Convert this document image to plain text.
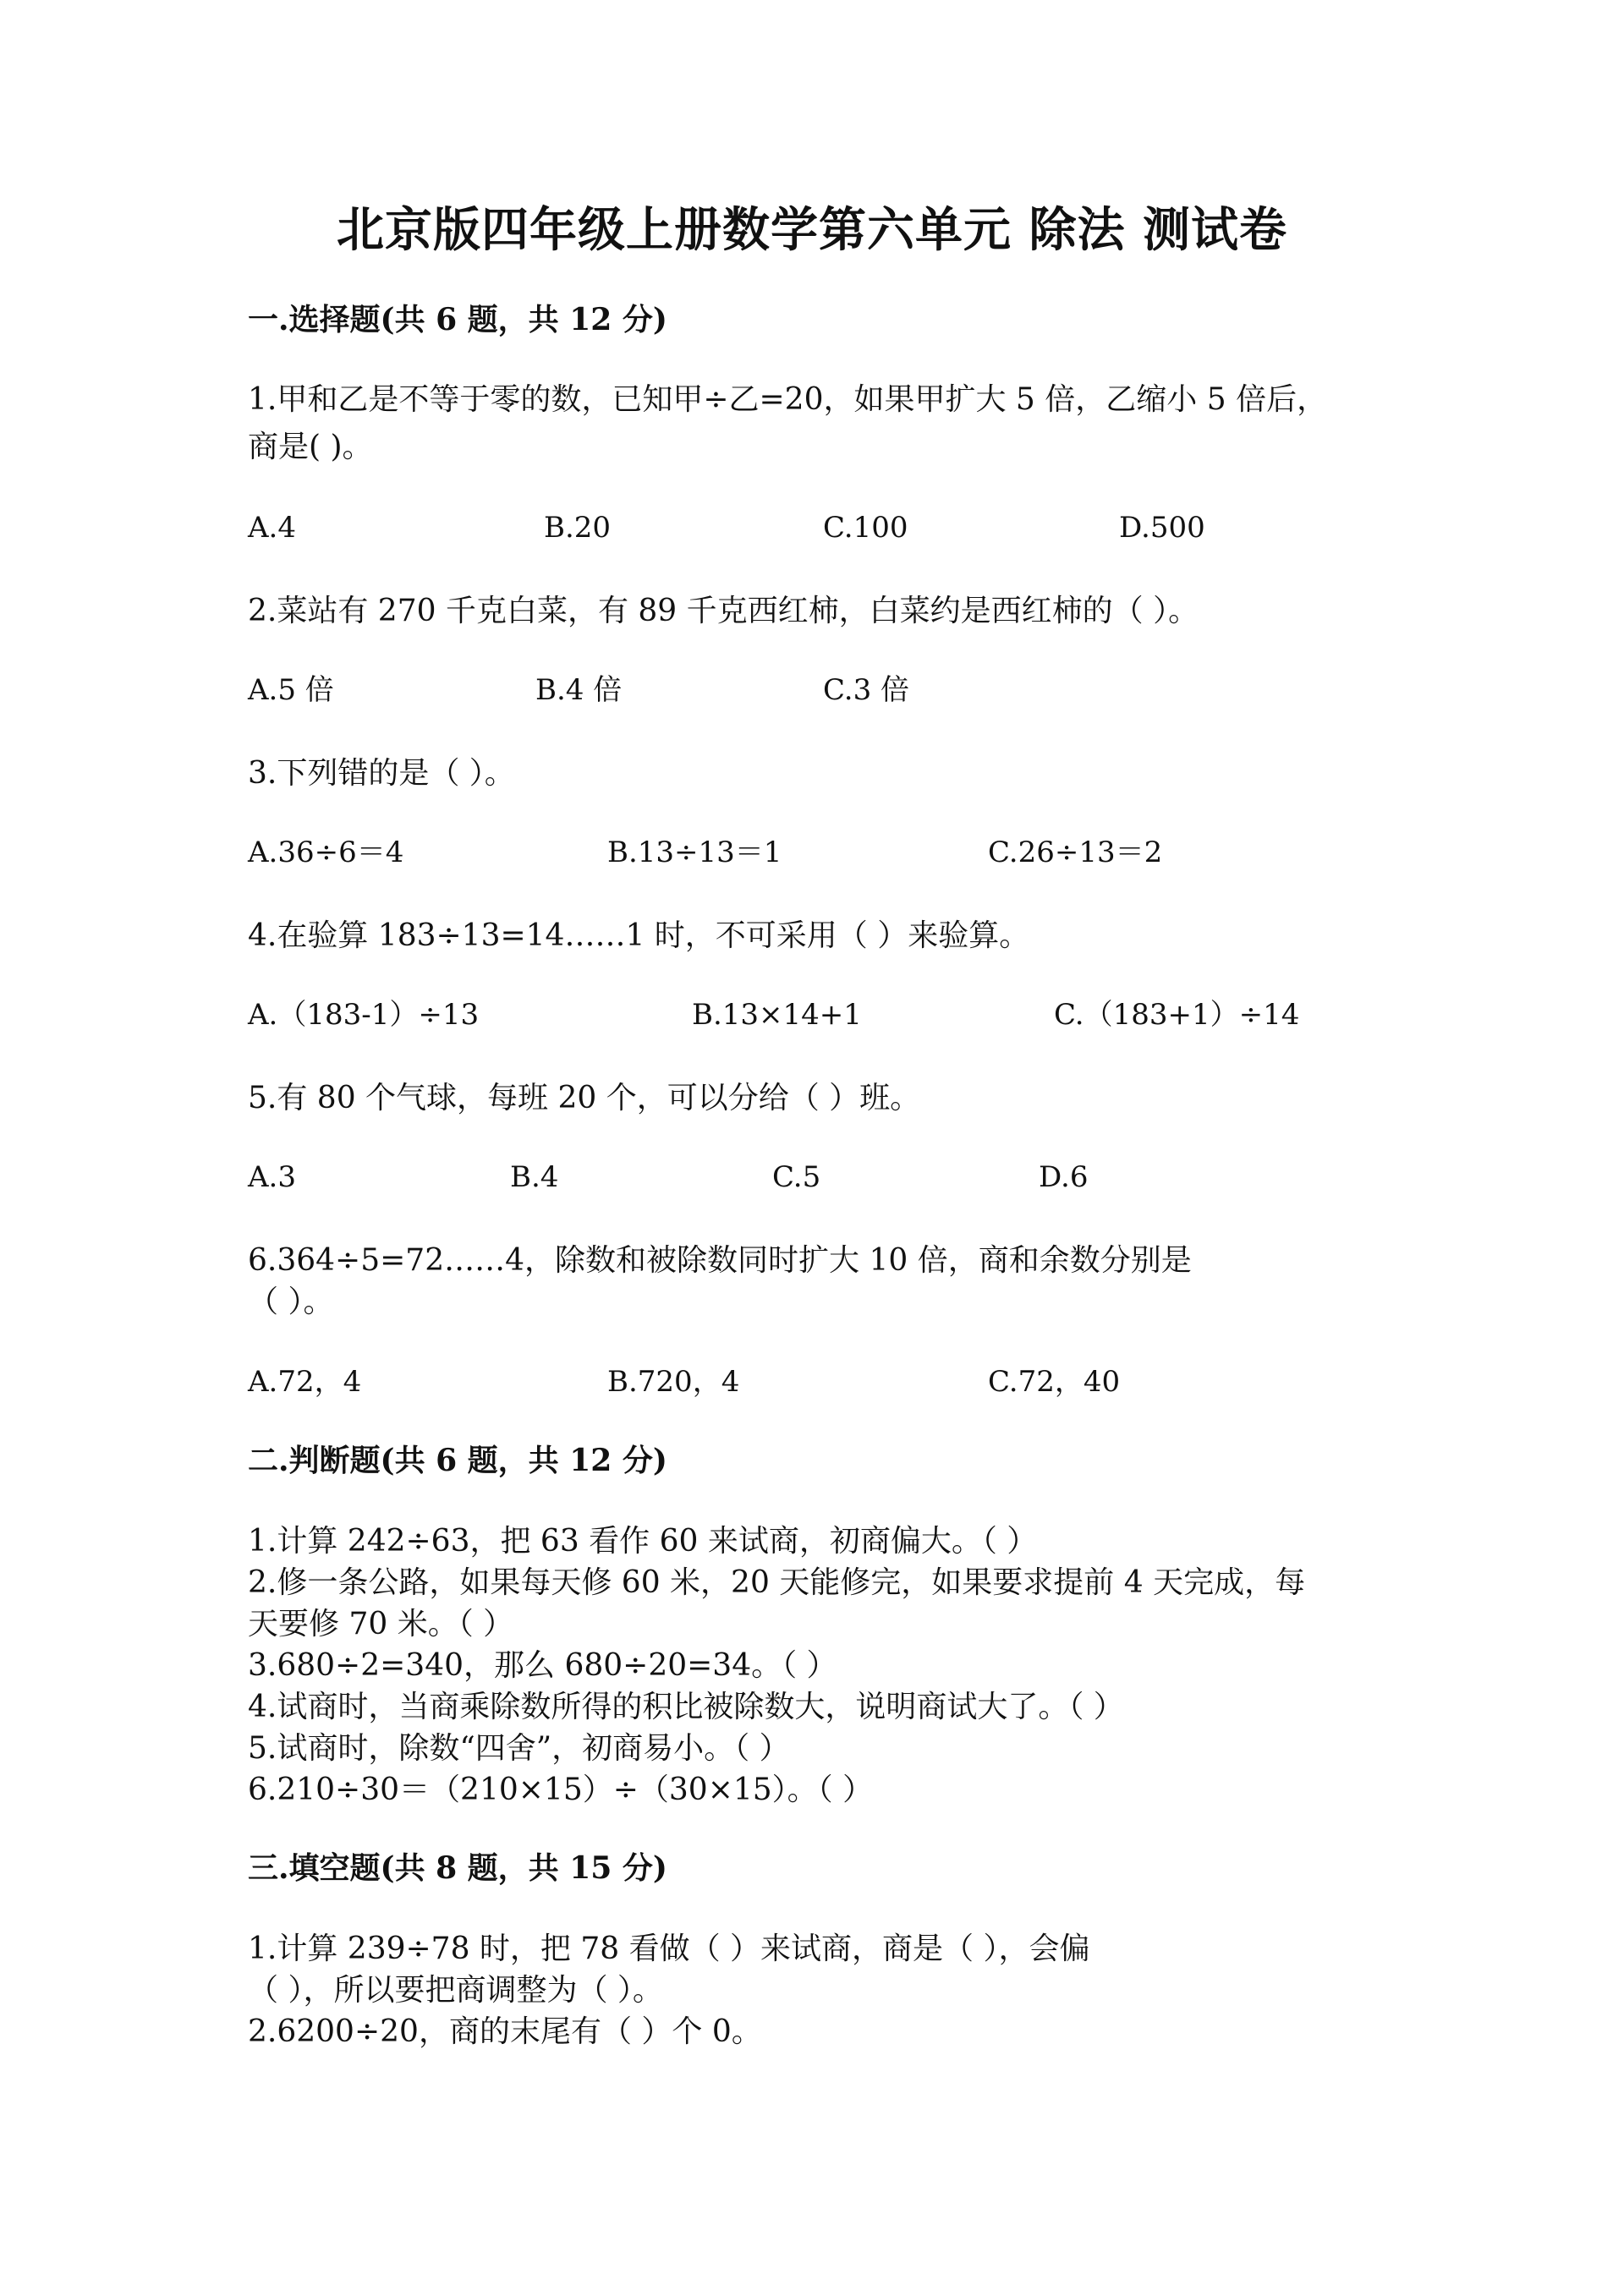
北京版四年级上册数学第六单元 除法 测试卷
一.选择题(共 6 题，共 12 分)
1.甲和乙是不等于零的数，已知甲÷乙=20，如果甲扩大 5 倍，乙缩小 5 倍后，
商是( )。
A.4	B.20	C.100	D.500
2.菜站有 270 千克白菜，有 89 千克西红柿，白菜约是西红柿的（ ）。
A.5 倍	B.4 倍	C.3 倍
3.下列错的是（ ）。
A.36÷6＝4	B.13÷13＝1	C.26÷13＝2
4.在验算 183÷13=14……1 时，不可采用（ ）来验算。
A.（183-1）÷13	B.13×14+1	C.（183+1）÷14
5.有 80 个气球，每班 20 个，可以分给（ ）班。
A.3	B.4	C.5	D.6
6.364÷5=72……4，除数和被除数同时扩大 10 倍，商和余数分别是
（ ）。
A.72，4	B.720，4	C.72，40
二.判断题(共 6 题，共 12 分)
1.计算 242÷63，把 63 看作 60 来试商，初商偏大。（ ）
2.修一条公路，如果每天修 60 米，20 天能修完，如果要求提前 4 天完成，每
天要修 70 米。（ ）
3.680÷2=340，那么 680÷20=34。（ ）
4.试商时，当商乘除数所得的积比被除数大，说明商试大了。（ ）
5.试商时，除数“四舍”，初商易小。（ ）
6.210÷30＝（210×15）÷（30×15）。（ ）
三.填空题(共 8 题，共 15 分)
1.计算 239÷78 时，把 78 看做（ ）来试商，商是（ ），会偏
（ ），所以要把商调整为（ ）。
2.6200÷20，商的末尾有（ ）个 0。
